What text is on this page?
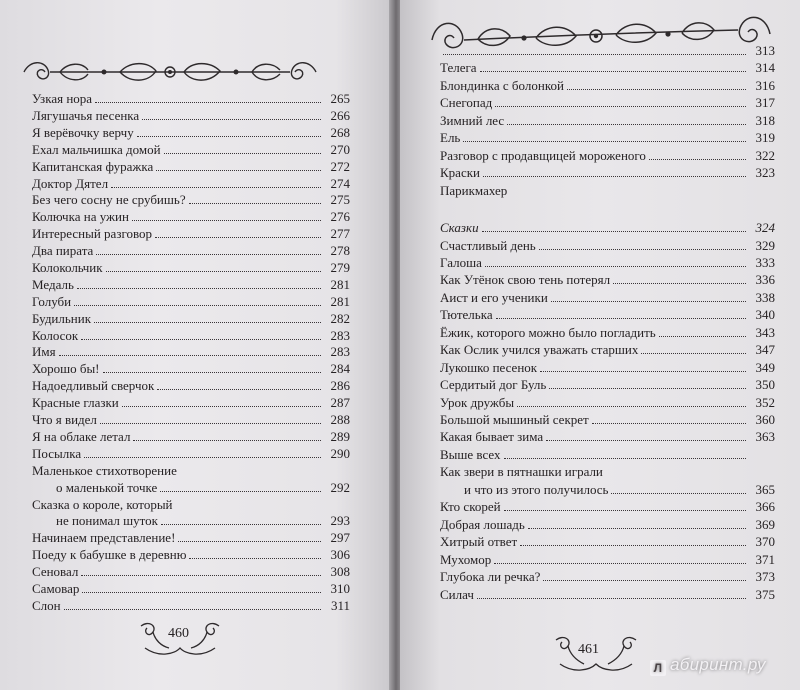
Узкая нора	265
Лягушачья песенка	266
Я верёвочку верчу	268
Ехал мальчишка домой	270
Капитанская фуражка	272
Доктор Дятел	274
Без чего сосну не срубишь?	275
Колючка на ужин	276
Интересный разговор	277
Два пирата	278
Колокольчик	279
Медаль	281
Голуби	281
Будильник	282
Колосок	283
Имя	283
Хорошо бы!	284
Надоедливый сверчок	286
Красные глазки	287
Что я видел	288
Я на облаке летал	289
Посылка	290
Маленькое стихотворение
о маленькой точке	292
Сказка о короле, который
не понимал шуток	293
Начинаем представление!	297
Поеду к бабушке в деревню	306
Сеновал	308
Самовар	310
Слон	311
460
313
Телега	314
Блондинка с болонкой	316
Снегопад	317
Зимний лес	318
Ель	319
Разговор с продавщицей мороженого	322
Краски	323
Парикмахер
Сказки	324
Счастливый день	329
Галоша	333
Как Утёнок свою тень потерял	336
Аист и его ученики	338
Тютелька	340
Ёжик, которого можно было погладить	343
Как Ослик учился уважать старших	347
Лукошко песенок	349
Сердитый дог Буль	350
Урок дружбы	352
Большой мышиный секрет	360
Какая бывает зима	363
Выше всех
Как звери в пятнашки играли
и что из этого получилось	365
Кто скорей	366
Добрая лошадь	369
Хитрый ответ	370
Мухомор	371
Глубока ли речка?	373
Силач	375
461
Л абиринт.ру
